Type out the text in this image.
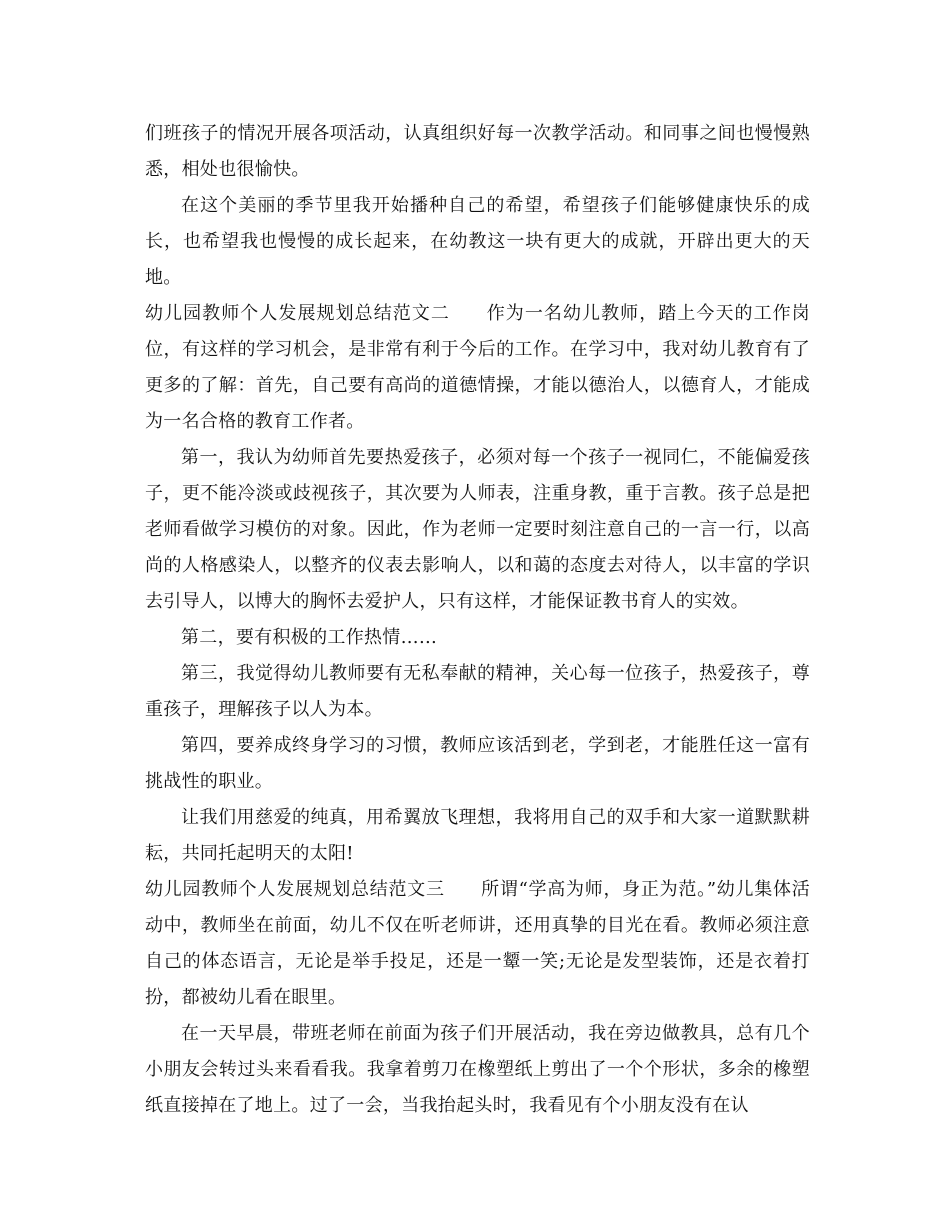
们班孩子的情况开展各项活动，认真组织好每一次教学活动。和同事之间也慢慢熟悉，相处也很愉快。

在这个美丽的季节里我开始播种自己的希望，希望孩子们能够健康快乐的成长，也希望我也慢慢的成长起来，在幼教这一块有更大的成就，开辟出更大的天地。

幼儿园教师个人发展规划总结范文二 作为一名幼儿教师，踏上今天的工作岗位，有这样的学习机会，是非常有利于今后的工作。在学习中，我对幼儿教育有了更多的了解：首先，自己要有高尚的道德情操，才能以德治人，以德育人，才能成为一名合格的教育工作者。

第一，我认为幼师首先要热爱孩子，必须对每一个孩子一视同仁，不能偏爱孩子，更不能冷淡或歧视孩子，其次要为人师表，注重身教，重于言教。孩子总是把老师看做学习模仿的对象。因此，作为老师一定要时刻注意自己的一言一行，以高尚的人格感染人，以整齐的仪表去影响人，以和蔼的态度去对待人，以丰富的学识去引导人，以博大的胸怀去爱护人，只有这样，才能保证教书育人的实效。

第二，要有积极的工作热情……

第三，我觉得幼儿教师要有无私奉献的精神，关心每一位孩子，热爱孩子，尊重孩子，理解孩子以人为本。

第四，要养成终身学习的习惯，教师应该活到老，学到老，才能胜任这一富有挑战性的职业。

让我们用慈爱的纯真，用希翼放飞理想，我将用自己的双手和大家一道默默耕耘，共同托起明天的太阳!

幼儿园教师个人发展规划总结范文三 所谓“学高为师，身正为范。”幼儿集体活动中，教师坐在前面，幼儿不仅在听老师讲，还用真挚的目光在看。教师必须注意自己的体态语言，无论是举手投足，还是一颦一笑;无论是发型装饰，还是衣着打扮，都被幼儿看在眼里。

在一天早晨，带班老师在前面为孩子们开展活动，我在旁边做教具，总有几个小朋友会转过头来看看我。我拿着剪刀在橡塑纸上剪出了一个个形状，多余的橡塑纸直接掉在了地上。过了一会，当我抬起头时，我看见有个小朋友没有在认
